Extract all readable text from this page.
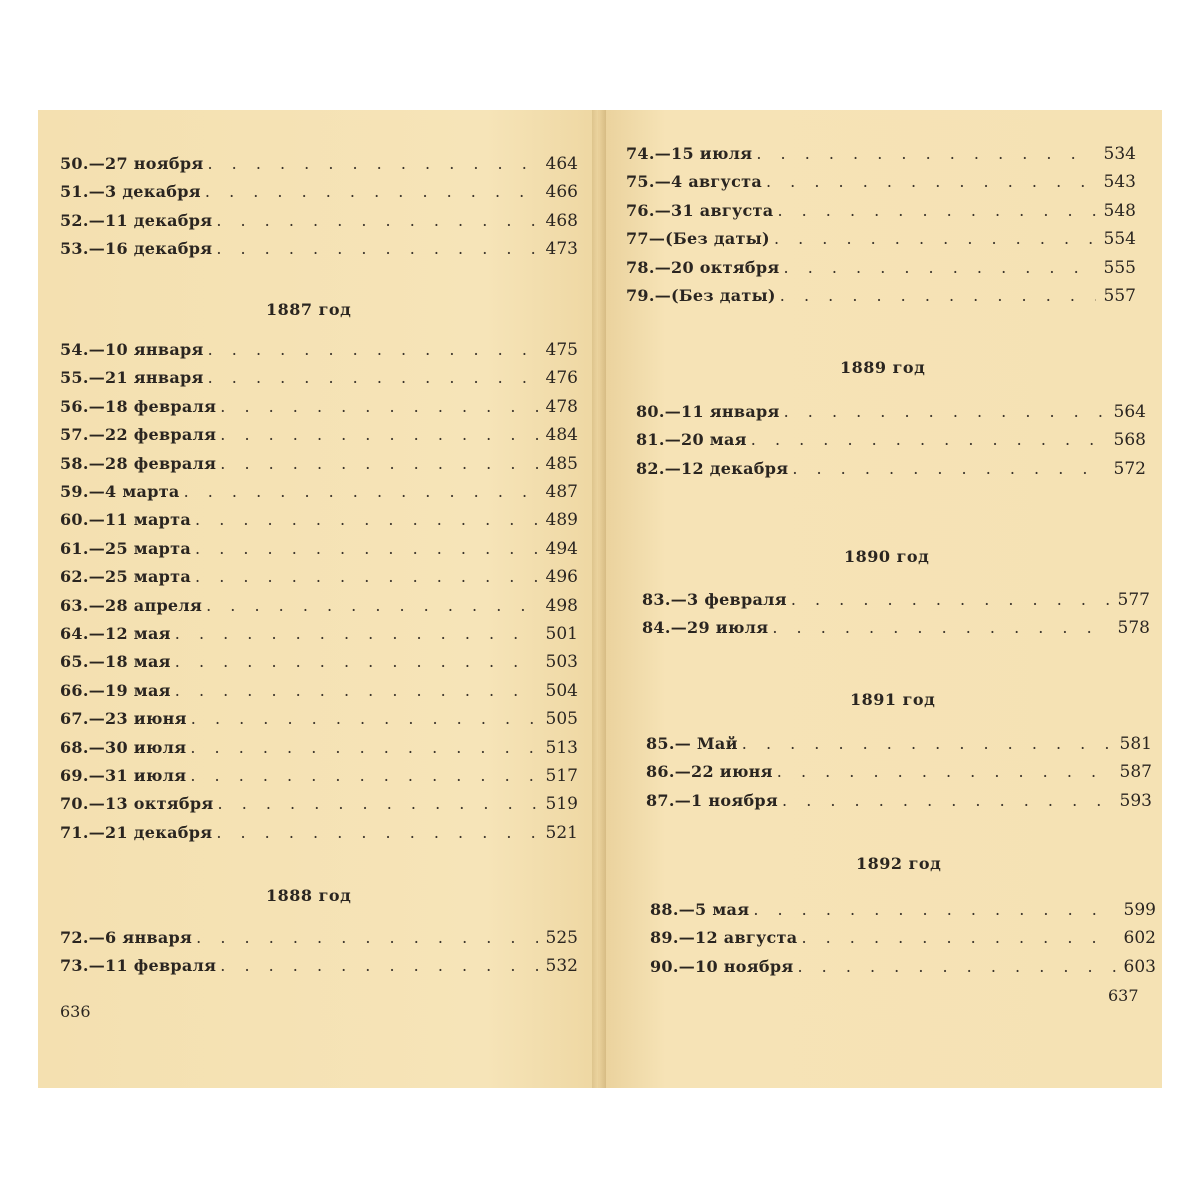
1887 год
1888 год
636
50.—27 ноября . . .	464
51.—3 декабря . . .	466
52.—11 декабря . . .	468
53.—16 декабря . . .	473
54.—10 января . . .	475
55.—21 января . . .	476
56.—18 февраля . . .	478
57.—22 февраля . . .	484
58.—28 февраля . . .	485
59.—4 марта . . .	487
60.—11 марта . . .	489
61.—25 марта . . .	494
62.—25 марта . . .	496
63.—28 апреля . . .	498
64.—12 мая . . .	501
65.—18 мая . . .	503
66.—19 мая . . .	504
67.—23 июня . . .	505
68.—30 июля . . .	513
69.—31 июля . . .	517
70.—13 октября . . .	519
71.—21 декабря . . .	521
72.—6 января . . .	525
73.—11 февраля . . .	532
1889 год
1890 год
1891 год
1892 год
637
74.—15 июля . . .	534
75.—4 августа . . .	543
76.—31 августа . . .	548
77—(Без даты) . . .	554
78.—20 октября . . .	555
79.—(Без даты) . . .	557
80.—11 января . . .	564
81.—20 мая . . .	568
82.—12 декабря . . .	572
83.—3 февраля . . .	577
84.—29 июля . . .	578
85.— Май . . .	581
86.—22 июня . . .	587
87.—1 ноября . . .	593
88.—5 мая . . .	599
89.—12 августа . . .	602
90.—10 ноября . . .	603
